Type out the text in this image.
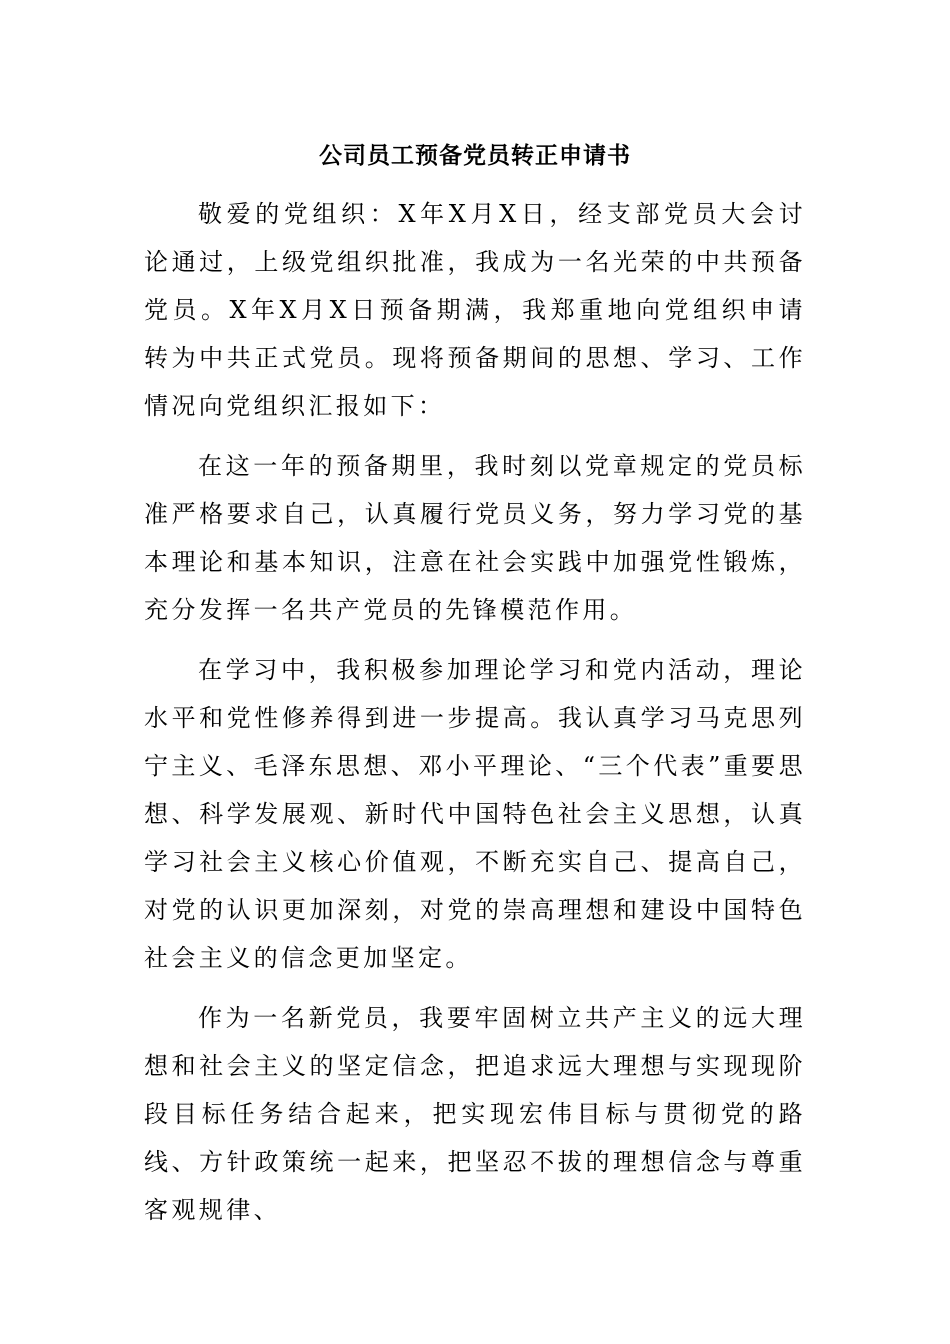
公司员工预备党员转正申请书

敬爱的党组织：X年X月X日，经支部党员大会讨论通过，上级党组织批准，我成为一名光荣的中共预备党员。X年X月X日预备期满，我郑重地向党组织申请转为中共正式党员。现将预备期间的思想、学习、工作情况向党组织汇报如下：

在这一年的预备期里，我时刻以党章规定的党员标准严格要求自己，认真履行党员义务，努力学习党的基本理论和基本知识，注意在社会实践中加强党性锻炼，充分发挥一名共产党员的先锋模范作用。

在学习中，我积极参加理论学习和党内活动，理论水平和党性修养得到进一步提高。我认真学习马克思列宁主义、毛泽东思想、邓小平理论、“三个代表”重要思想、科学发展观、新时代中国特色社会主义思想，认真学习社会主义核心价值观，不断充实自己、提高自己，对党的认识更加深刻，对党的崇高理想和建设中国特色社会主义的信念更加坚定。

作为一名新党员，我要牢固树立共产主义的远大理想和社会主义的坚定信念，把追求远大理想与实现现阶段目标任务结合起来，把实现宏伟目标与贯彻党的路线、方针政策统一起来，把坚忍不拔的理想信念与尊重客观规律、
